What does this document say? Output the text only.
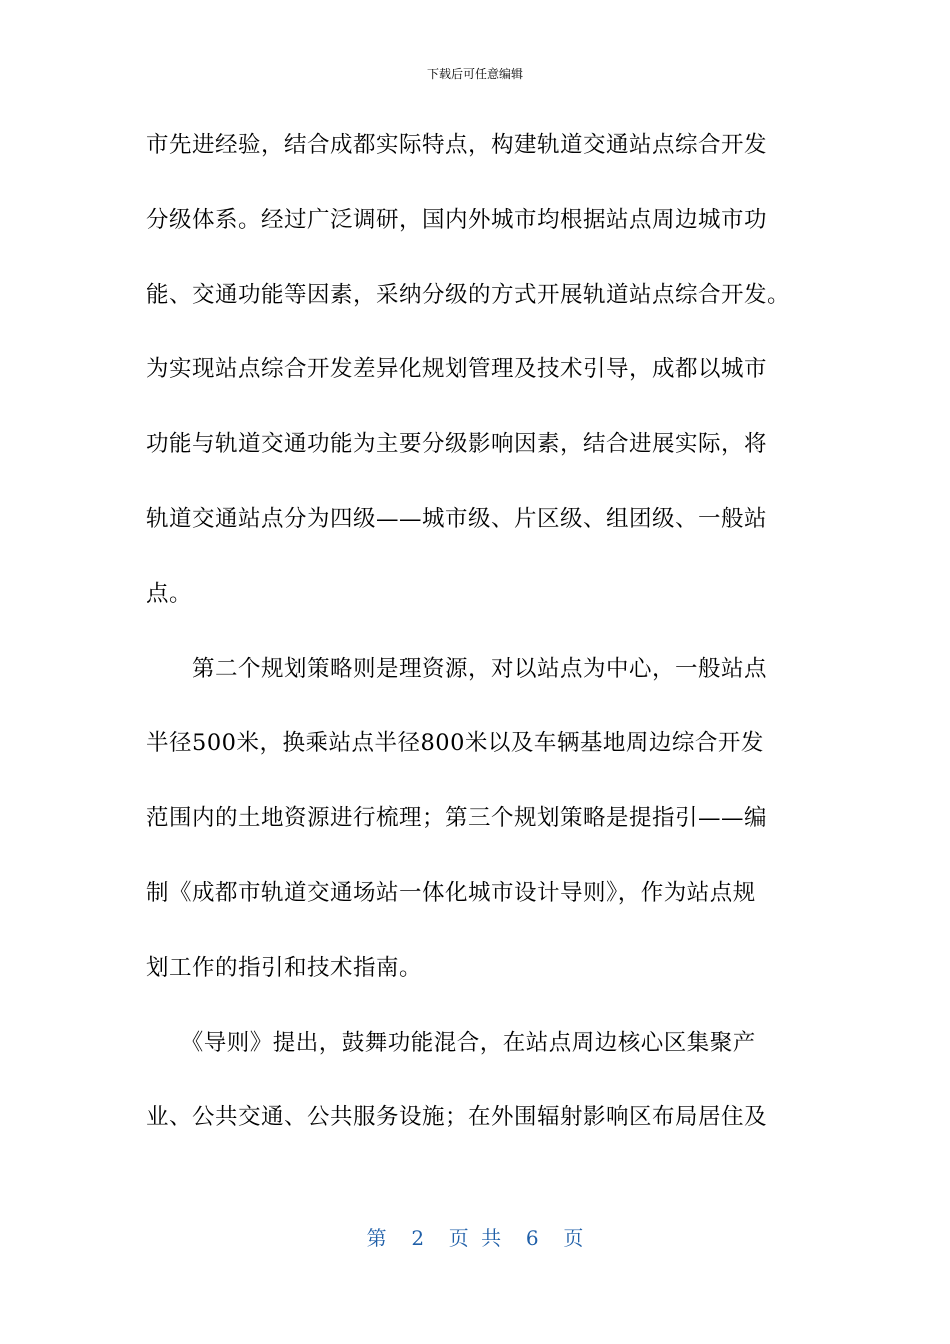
下载后可任意编辑
市先进经验，结合成都实际特点，构建轨道交通站点综合开发
分级体系。经过广泛调研，国内外城市均根据站点周边城市功
能、交通功能等因素，采纳分级的方式开展轨道站点综合开发。
为实现站点综合开发差异化规划管理及技术引导，成都以城市
功能与轨道交通功能为主要分级影响因素，结合进展实际，将
轨道交通站点分为四级——城市级、片区级、组团级、一般站
点。
　　第二个规划策略则是理资源，对以站点为中心，一般站点
半径500米，换乘站点半径800米以及车辆基地周边综合开发
范围内的土地资源进行梳理；第三个规划策略是提指引——编
制《成都市轨道交通场站一体化城市设计导则》，作为站点规
划工作的指引和技术指南。
　　《导则》提出，鼓舞功能混合，在站点周边核心区集聚产
业、公共交通、公共服务设施；在外围辐射影响区布局居住及
第  2  页 共  6  页
